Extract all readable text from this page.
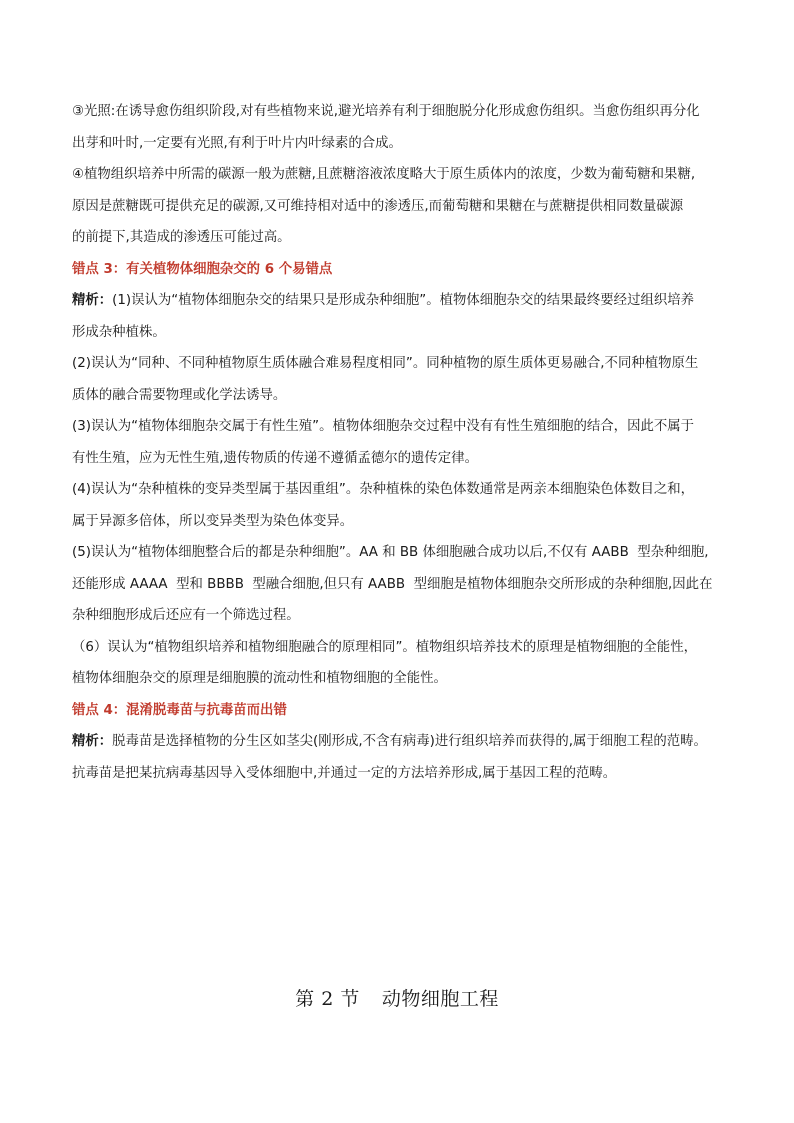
③光照:在诱导愈伤组织阶段,对有些植物来说,避光培养有利于细胞脱分化形成愈伤组织。当愈伤组织再分化

出芽和叶时,一定要有光照,有利于叶片内叶绿素的合成。

④植物组织培养中所需的碳源一般为蔗糖,且蔗糖溶液浓度略大于原生质体内的浓度，少数为葡萄糖和果糖,

原因是蔗糖既可提供充足的碳源,又可维持相对适中的渗透压,而葡萄糖和果糖在与蔗糖提供相同数量碳源

的前提下,其造成的渗透压可能过高。

错点 3：有关植物体细胞杂交的 6 个易错点

精析：(1)误认为“植物体细胞杂交的结果只是形成杂种细胞”。植物体细胞杂交的结果最终要经过组织培养

形成杂种植株。

(2)误认为“同种、不同种植物原生质体融合难易程度相同”。同种植物的原生质体更易融合,不同种植物原生

质体的融合需要物理或化学法诱导。

(3)误认为“植物体细胞杂交属于有性生殖”。植物体细胞杂交过程中没有有性生殖细胞的结合，因此不属于

有性生殖，应为无性生殖,遗传物质的传递不遵循孟德尔的遗传定律。

(4)误认为“杂种植株的变异类型属于基因重组”。杂种植株的染色体数通常是两亲本细胞染色体数目之和，

属于异源多倍体，所以变异类型为染色体变异。

(5)误认为“植物体细胞整合后的都是杂种细胞”。AA 和 BB 体细胞融合成功以后,不仅有 AABB  型杂种细胞,

还能形成 AAAA  型和 BBBB  型融合细胞,但只有 AABB  型细胞是植物体细胞杂交所形成的杂种细胞,因此在

杂种细胞形成后还应有一个筛选过程。

（6）误认为“植物组织培养和植物细胞融合的原理相同”。植物组织培养技术的原理是植物细胞的全能性，

植物体细胞杂交的原理是细胞膜的流动性和植物细胞的全能性。

错点 4：混淆脱毒苗与抗毒苗而出错

精析：脱毒苗是选择植物的分生区如茎尖(刚形成,不含有病毒)进行组织培养而获得的,属于细胞工程的范畴。

抗毒苗是把某抗病毒基因导入受体细胞中,并通过一定的方法培养形成,属于基因工程的范畴。

第 2 节 动物细胞工程
